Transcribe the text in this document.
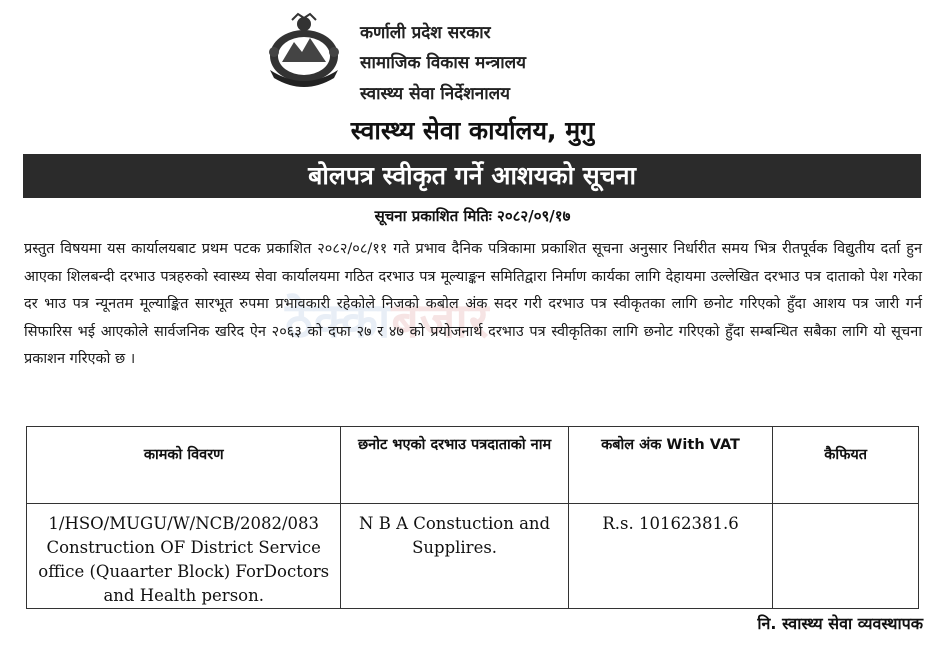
कर्णाली प्रदेश सरकार
सामाजिक विकास मन्त्रालय
स्वास्थ्य सेवा निर्देशनालय
स्वास्थ्य सेवा कार्यालय, मुगु
बोलपत्र स्वीकृत गर्ने आशयको सूचना
सूचना प्रकाशित मितिः २०८२/०९/१७
ठेक्काबजार
प्रस्तुत विषयमा यस कार्यालयबाट प्रथम पटक प्रकाशित २०८२/०८/११ गते प्रभाव दैनिक पत्रिकामा प्रकाशित सूचना अनुसार निर्धारीत समय भित्र रीतपूर्वक विद्युतीय दर्ता हुन आएका शिलबन्दी दरभाउ पत्रहरुको स्वास्थ्य सेवा कार्यालयमा गठित दरभाउ पत्र मूल्याङ्कन समितिद्वारा निर्माण कार्यका लागि देहायमा उल्लेखित दरभाउ पत्र दाताको पेश गरेका दर भाउ पत्र न्यूनतम मूल्याङ्कित सारभूत रुपमा प्रभावकारी रहेकोले निजको कबोल अंक सदर गरी दरभाउ पत्र स्वीकृतका लागि छनोट गरिएको हुँदा आशय पत्र जारी गर्न सिफारिस भई आएकोले सार्वजनिक खरिद ऐन २०६३ को दफा २७ र ४७ को प्रयोजनार्थ दरभाउ पत्र स्वीकृतिका लागि छनोट गरिएको हुँदा सम्बन्धित सबैका लागि यो सूचना प्रकाशन गरिएको छ ।
कामको विवरण	छनोट भएको दरभाउ पत्रदाताको नाम	कबोल अंक With VAT	कैफियत
1/HSO/MUGU/W/NCB/2082/083 Construction OF District Service office (Quaarter Block) ForDoctors and Health person.	N B A Constuction and Supplires.	R.s. 10162381.6	
नि. स्वास्थ्य सेवा व्यवस्थापक
